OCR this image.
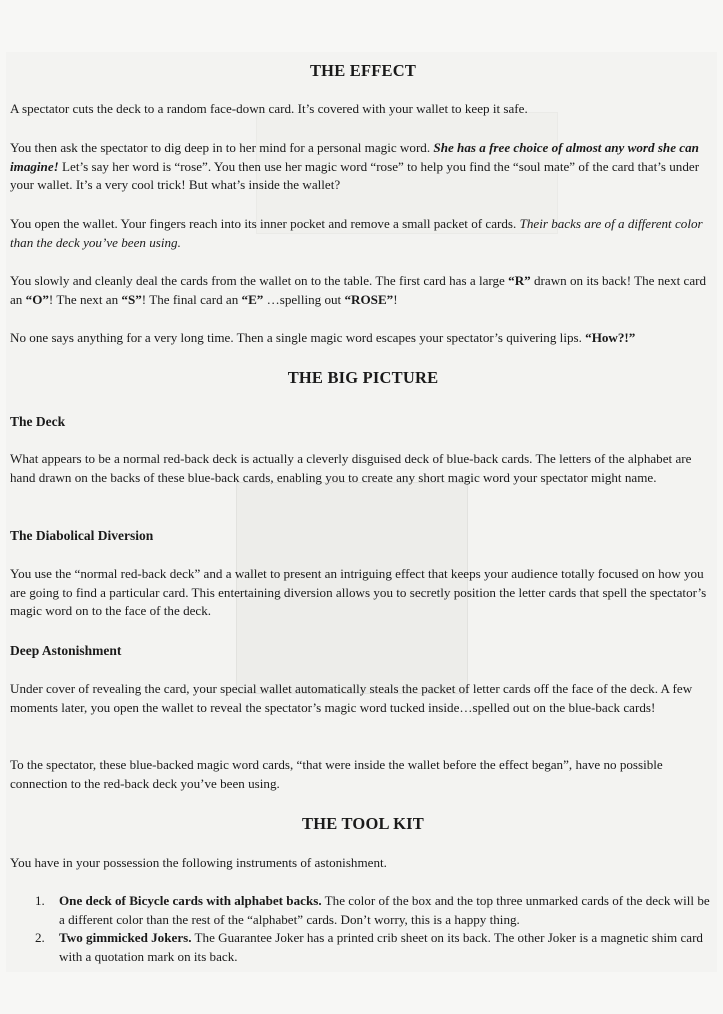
THE EFFECT

A spectator cuts the deck to a random face-down card. It’s covered with your wallet to keep it safe.

You then ask the spectator to dig deep in to her mind for a personal magic word. She has a free choice of almost any word she can imagine! Let’s say her word is “rose”. You then use her magic word “rose” to help you find the “soul mate” of the card that’s under your wallet. It’s a very cool trick! But what’s inside the wallet?

You open the wallet. Your fingers reach into its inner pocket and remove a small packet of cards. Their backs are of a different color than the deck you’ve been using.

You slowly and cleanly deal the cards from the wallet on to the table. The first card has a large “R” drawn on its back! The next card an “O”! The next an “S”! The final card an “E” …spelling out “ROSE”!

No one says anything for a very long time. Then a single magic word escapes your spectator’s quivering lips. “How?!”

THE BIG PICTURE
The Deck

What appears to be a normal red-back deck is actually a cleverly disguised deck of blue-back cards. The letters of the alphabet are hand drawn on the backs of these blue-back cards, enabling you to create any short magic word your spectator might name.

The Diabolical Diversion

You use the “normal red-back deck” and a wallet to present an intriguing effect that keeps your audience totally focused on how you are going to find a particular card. This entertaining diversion allows you to secretly position the letter cards that spell the spectator’s magic word on to the face of the deck.

Deep Astonishment

Under cover of revealing the card, your special wallet automatically steals the packet of letter cards off the face of the deck. A few moments later, you open the wallet to reveal the spectator’s magic word tucked inside…spelled out on the blue-back cards!

To the spectator, these blue-backed magic word cards, “that were inside the wallet before the effect began”, have no possible connection to the red-back deck you’ve been using.

THE TOOL KIT

You have in your possession the following instruments of astonishment.

1. One deck of Bicycle cards with alphabet backs. The color of the box and the top three unmarked cards of the deck will be a different color than the rest of the “alphabet” cards. Don’t worry, this is a happy thing.
2. Two gimmicked Jokers. The Guarantee Joker has a printed crib sheet on its back. The other Joker is a magnetic shim card with a quotation mark on its back.
